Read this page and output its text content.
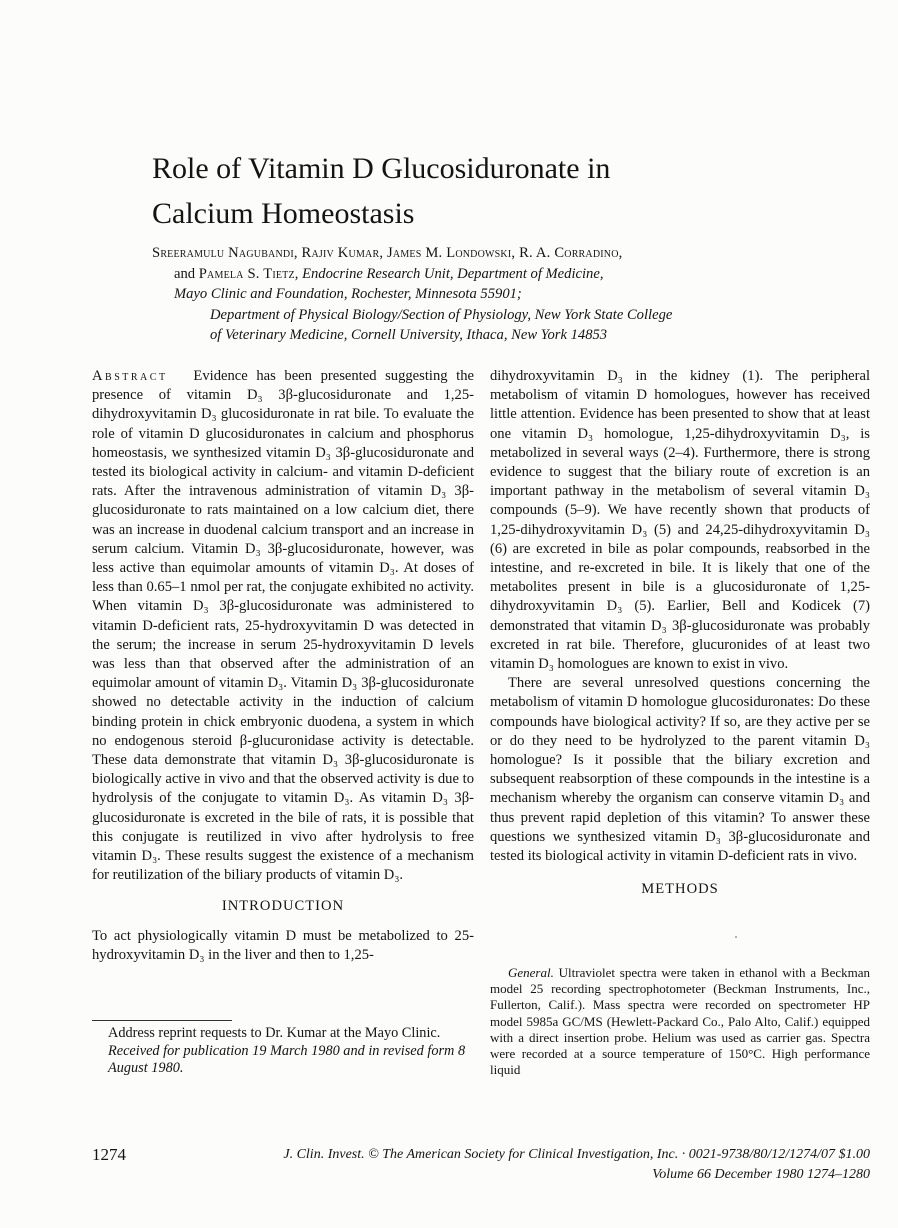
Role of Vitamin D Glucosiduronate in
Calcium Homeostasis
Sreeramulu Nagubandi, Rajiv Kumar, James M. Londowski, R. A. Corradino,
and Pamela S. Tietz, Endocrine Research Unit, Department of Medicine,
Mayo Clinic and Foundation, Rochester, Minnesota 55901;
Department of Physical Biology/Section of Physiology, New York State College
of Veterinary Medicine, Cornell University, Ithaca, New York 14853

Abstract Evidence has been presented suggesting the presence of vitamin D₃ 3β-glucosiduronate and 1,25-dihydroxyvitamin D₃ glucosiduronate in rat bile. To evaluate the role of vitamin D glucosiduronates in calcium and phosphorus homeostasis, we synthesized vitamin D₃ 3β-glucosiduronate and tested its biological activity in calcium- and vitamin D-deficient rats. After the intravenous administration of vitamin D₃ 3β-glucosiduronate to rats maintained on a low calcium diet, there was an increase in duodenal calcium transport and an increase in serum calcium. Vitamin D₃ 3β-glucosiduronate, however, was less active than equimolar amounts of vitamin D₃. At doses of less than 0.65–1 nmol per rat, the conjugate exhibited no activity. When vitamin D₃ 3β-glucosiduronate was administered to vitamin D-deficient rats, 25-hydroxyvitamin D was detected in the serum; the increase in serum 25-hydroxyvitamin D levels was less than that observed after the administration of an equimolar amount of vitamin D₃. Vitamin D₃ 3β-glucosiduronate showed no detectable activity in the induction of calcium binding protein in chick embryonic duodena, a system in which no endogenous steroid β-glucuronidase activity is detectable. These data demonstrate that vitamin D₃ 3β-glucosiduronate is biologically active in vivo and that the observed activity is due to hydrolysis of the conjugate to vitamin D₃. As vitamin D₃ 3β-glucosiduronate is excreted in the bile of rats, it is possible that this conjugate is reutilized in vivo after hydrolysis to free vitamin D₃. These results suggest the existence of a mechanism for reutilization of the biliary products of vitamin D₃.

INTRODUCTION

To act physiologically vitamin D must be metabolized to 25-hydroxyvitamin D₃ in the liver and then to 1,25-

dihydroxyvitamin D₃ in the kidney (1). The peripheral metabolism of vitamin D homologues, however has received little attention. Evidence has been presented to show that at least one vitamin D₃ homologue, 1,25-dihydroxyvitamin D₃, is metabolized in several ways (2–4). Furthermore, there is strong evidence to suggest that the biliary route of excretion is an important pathway in the metabolism of several vitamin D₃ compounds (5–9). We have recently shown that products of 1,25-dihydroxyvitamin D₃ (5) and 24,25-dihydroxyvitamin D₃ (6) are excreted in bile as polar compounds, reabsorbed in the intestine, and re-excreted in bile. It is likely that one of the metabolites present in bile is a glucosiduronate of 1,25-dihydroxyvitamin D₃ (5). Earlier, Bell and Kodicek (7) demonstrated that vitamin D₃ 3β-glucosiduronate was probably excreted in rat bile. Therefore, glucuronides of at least two vitamin D₃ homologues are known to exist in vivo.

There are several unresolved questions concerning the metabolism of vitamin D homologue glucosiduronates: Do these compounds have biological activity? If so, are they active per se or do they need to be hydrolyzed to the parent vitamin D₃ homologue? Is it possible that the biliary excretion and subsequent reabsorption of these compounds in the intestine is a mechanism whereby the organism can conserve vitamin D₃ and thus prevent rapid depletion of this vitamin? To answer these questions we synthesized vitamin D₃ 3β-glucosiduronate and tested its biological activity in vitamin D-deficient rats in vivo.

METHODS
General. Ultraviolet spectra were taken in ethanol with a Beckman model 25 recording spectrophotometer (Beckman Instruments, Inc., Fullerton, Calif.). Mass spectra were recorded on spectrometer HP model 5985a GC/MS (Hewlett-Packard Co., Palo Alto, Calif.) equipped with a direct insertion probe. Helium was used as carrier gas. Spectra were recorded at a source temperature of 150°C. High performance liquid
Address reprint requests to Dr. Kumar at the Mayo Clinic.
Received for publication 19 March 1980 and in revised form 8 August 1980.
1274	J. Clin. Invest. © The American Society for Clinical Investigation, Inc. · 0021-9738/80/12/1274/07 $1.00
Volume 66 December 1980 1274–1280
